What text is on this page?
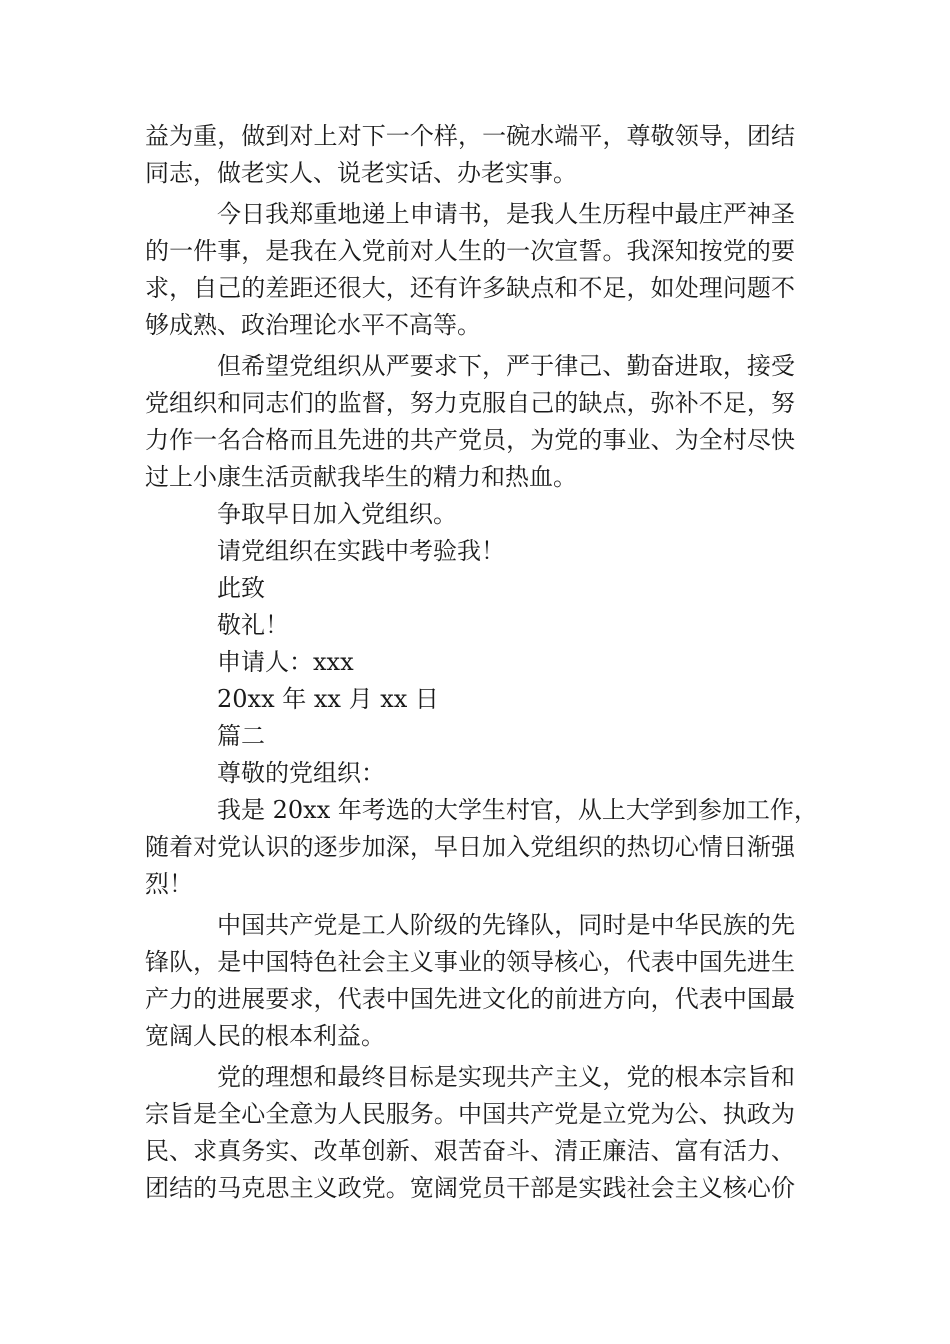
益为重，做到对上对下一个样，一碗水端平，尊敬领导，团结
同志，做老实人、说老实话、办老实事。
今日我郑重地递上申请书，是我人生历程中最庄严神圣
的一件事，是我在入党前对人生的一次宣誓。我深知按党的要
求，自己的差距还很大，还有许多缺点和不足，如处理问题不
够成熟、政治理论水平不高等。
但希望党组织从严要求下，严于律己、勤奋进取，接受
党组织和同志们的监督，努力克服自己的缺点，弥补不足，努
力作一名合格而且先进的共产党员，为党的事业、为全村尽快
过上小康生活贡献我毕生的精力和热血。
争取早日加入党组织。
请党组织在实践中考验我！
此致
敬礼！
申请人：xxx
20xx 年 xx 月 xx 日
篇二
尊敬的党组织：
我是 20xx 年考选的大学生村官，从上大学到参加工作，
随着对党认识的逐步加深，早日加入党组织的热切心情日渐强
烈！
中国共产党是工人阶级的先锋队，同时是中华民族的先
锋队，是中国特色社会主义事业的领导核心，代表中国先进生
产力的进展要求，代表中国先进文化的前进方向，代表中国最
宽阔人民的根本利益。
党的理想和最终目标是实现共产主义，党的根本宗旨和
宗旨是全心全意为人民服务。中国共产党是立党为公、执政为
民、求真务实、改革创新、艰苦奋斗、清正廉洁、富有活力、
团结的马克思主义政党。宽阔党员干部是实践社会主义核心价
